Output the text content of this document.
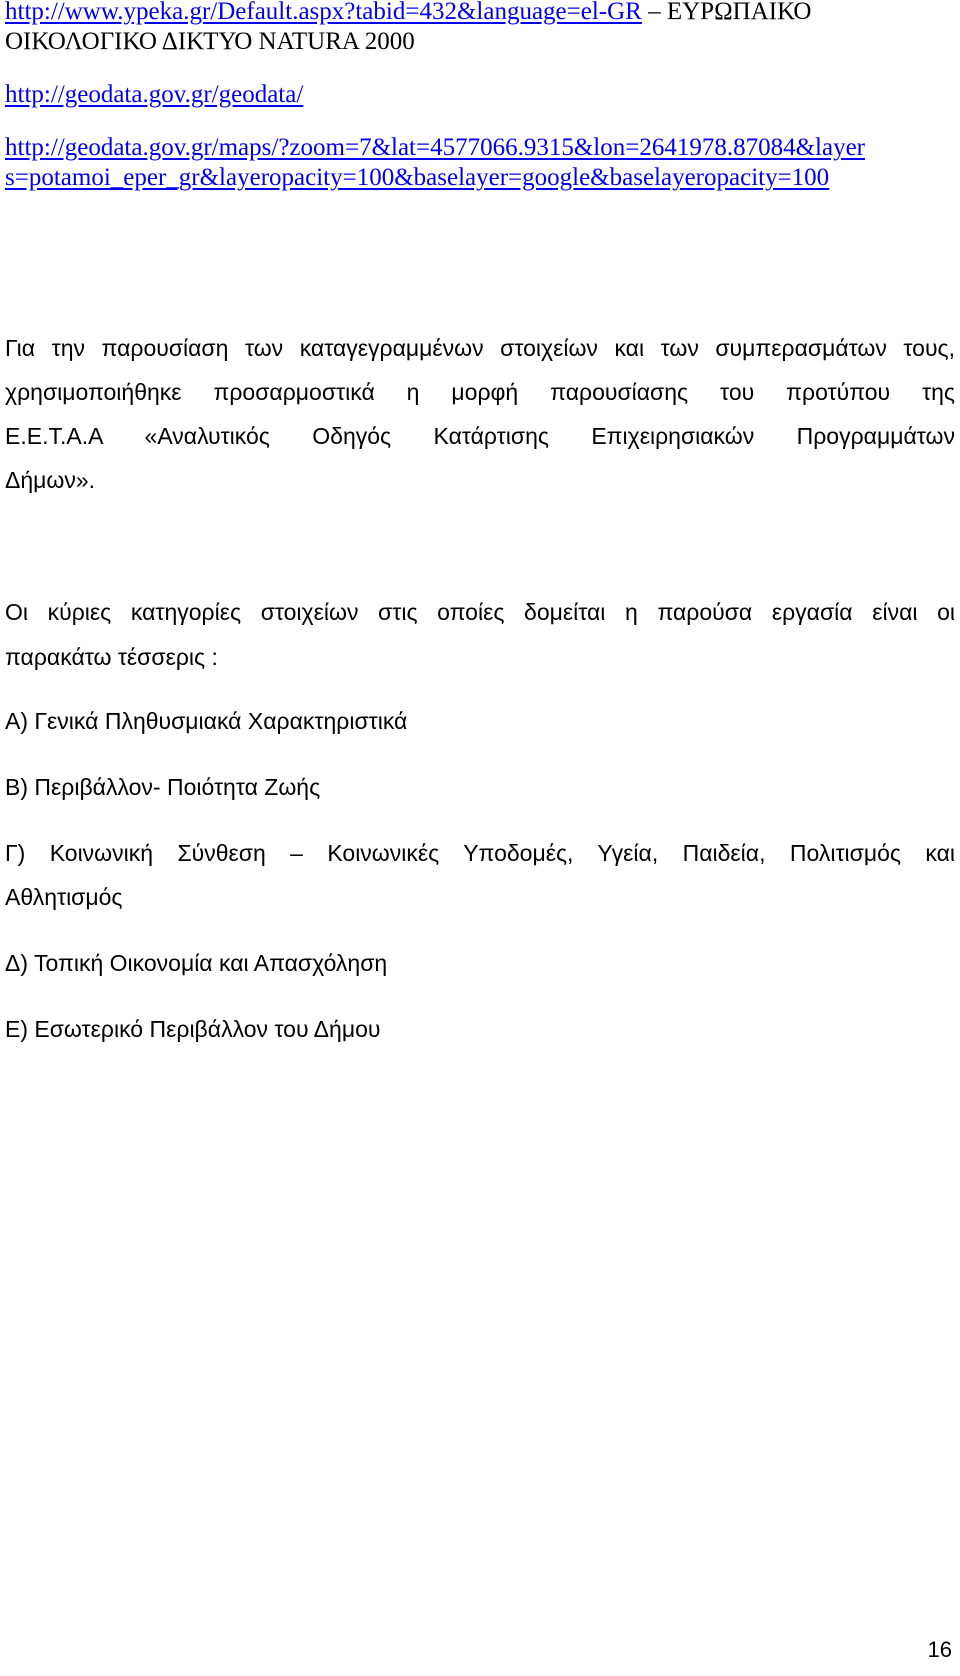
http://www.ypeka.gr/Default.aspx?tabid=432&language=el-GR – ΕΥΡΩΠΑΙΚΟ
ΟΙΚΟΛΟΓΙΚΟ ΔΙΚΤΥΟ NATURA 2000
http://geodata.gov.gr/geodata/
http://geodata.gov.gr/maps/?zoom=7&lat=4577066.9315&lon=2641978.87084&layer
s=potamoi_eper_gr&layeropacity=100&baselayer=google&baselayeropacity=100
Για την παρουσίαση των καταγεγραμμένων στοιχείων και των συμπερασμάτων τους,
χρησιμοποιήθηκε προσαρμοστικά η μορφή παρουσίασης του προτύπου της
Ε.Ε.Τ.Α.Α «Αναλυτικός Οδηγός Κατάρτισης Επιχειρησιακών Προγραμμάτων
Δήμων».
Οι κύριες κατηγορίες στοιχείων στις οποίες δομείται η παρούσα εργασία είναι οι
παρακάτω τέσσερις :
Α) Γενικά Πληθυσμιακά Χαρακτηριστικά
Β) Περιβάλλον- Ποιότητα Ζωής
Γ) Κοινωνική Σύνθεση – Κοινωνικές Υποδομές, Υγεία, Παιδεία, Πολιτισμός και
Αθλητισμός
Δ) Τοπική Οικονομία και Απασχόληση
Ε) Εσωτερικό Περιβάλλον του Δήμου
16
